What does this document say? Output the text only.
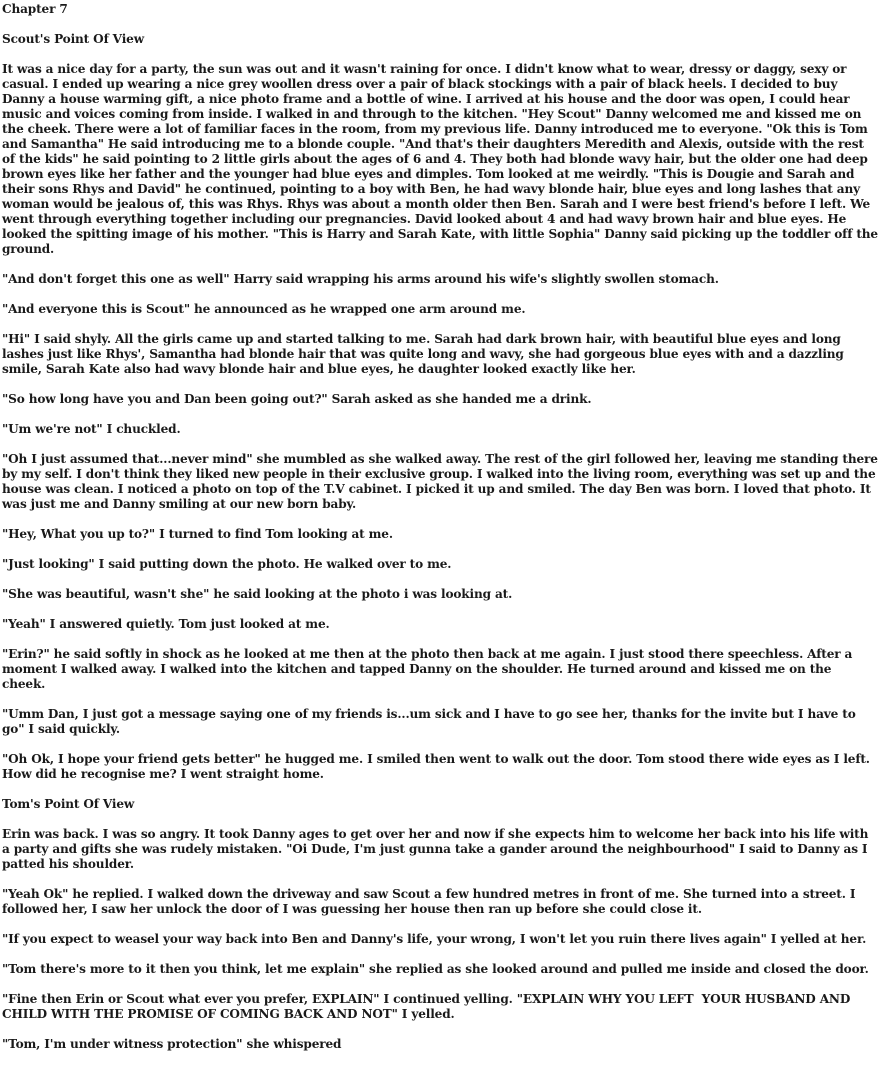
Chapter 7

Scout's Point Of View

It was a nice day for a party, the sun was out and it wasn't raining for once. I didn't know what to wear, dressy or daggy, sexy or casual. I ended up wearing a nice grey woollen dress over a pair of black stockings with a pair of black heels. I decided to buy Danny a house warming gift, a nice photo frame and a bottle of wine. I arrived at his house and the door was open, I could hear music and voices coming from inside. I walked in and through to the kitchen. "Hey Scout" Danny welcomed me and kissed me on the cheek. There were a lot of familiar faces in the room, from my previous life. Danny introduced me to everyone. "Ok this is Tom and Samantha" He said introducing me to a blonde couple. "And that's their daughters Meredith and Alexis, outside with the rest of the kids" he said pointing to 2 little girls about the ages of 6 and 4. They both had blonde wavy hair, but the older one had deep brown eyes like her father and the younger had blue eyes and dimples. Tom looked at me weirdly. "This is Dougie and Sarah and their sons Rhys and David" he continued, pointing to a boy with Ben, he had wavy blonde hair, blue eyes and long lashes that any woman would be jealous of, this was Rhys. Rhys was about a month older then Ben. Sarah and I were best friend's before I left. We went through everything together including our pregnancies. David looked about 4 and had wavy brown hair and blue eyes. He looked the spitting image of his mother. "This is Harry and Sarah Kate, with little Sophia" Danny said picking up the toddler off the ground.

"And don't forget this one as well" Harry said wrapping his arms around his wife's slightly swollen stomach.

"And everyone this is Scout" he announced as he wrapped one arm around me.

"Hi" I said shyly. All the girls came up and started talking to me. Sarah had dark brown hair, with beautiful blue eyes and long lashes just like Rhys', Samantha had blonde hair that was quite long and wavy, she had gorgeous blue eyes with and a dazzling smile, Sarah Kate also had wavy blonde hair and blue eyes, he daughter looked exactly like her.

"So how long have you and Dan been going out?" Sarah asked as she handed me a drink.

"Um we're not" I chuckled.

"Oh I just assumed that...never mind" she mumbled as she walked away. The rest of the girl followed her, leaving me standing there by my self. I don't think they liked new people in their exclusive group. I walked into the living room, everything was set up and the house was clean. I noticed a photo on top of the T.V cabinet. I picked it up and smiled. The day Ben was born. I loved that photo. It was just me and Danny smiling at our new born baby.

"Hey, What you up to?" I turned to find Tom looking at me.

"Just looking" I said putting down the photo. He walked over to me.

"She was beautiful, wasn't she" he said looking at the photo i was looking at.

"Yeah" I answered quietly. Tom just looked at me.

"Erin?" he said softly in shock as he looked at me then at the photo then back at me again. I just stood there speechless. After a moment I walked away. I walked into the kitchen and tapped Danny on the shoulder. He turned around and kissed me on the cheek.

"Umm Dan, I just got a message saying one of my friends is...um sick and I have to go see her, thanks for the invite but I have to go" I said quickly.

"Oh Ok, I hope your friend gets better" he hugged me. I smiled then went to walk out the door. Tom stood there wide eyes as I left. How did he recognise me? I went straight home.

Tom's Point Of View

Erin was back. I was so angry. It took Danny ages to get over her and now if she expects him to welcome her back into his life with a party and gifts she was rudely mistaken. "Oi Dude, I'm just gunna take a gander around the neighbourhood" I said to Danny as I patted his shoulder.

"Yeah Ok" he replied. I walked down the driveway and saw Scout a few hundred metres in front of me. She turned into a street. I followed her, I saw her unlock the door of I was guessing her house then ran up before she could close it.

"If you expect to weasel your way back into Ben and Danny's life, your wrong, I won't let you ruin there lives again" I yelled at her.

"Tom there's more to it then you think, let me explain" she replied as she looked around and pulled me inside and closed the door.

"Fine then Erin or Scout what ever you prefer, EXPLAIN" I continued yelling. "EXPLAIN WHY YOU LEFT  YOUR HUSBAND AND CHILD WITH THE PROMISE OF COMING BACK AND NOT" I yelled.

"Tom, I'm under witness protection" she whispered
